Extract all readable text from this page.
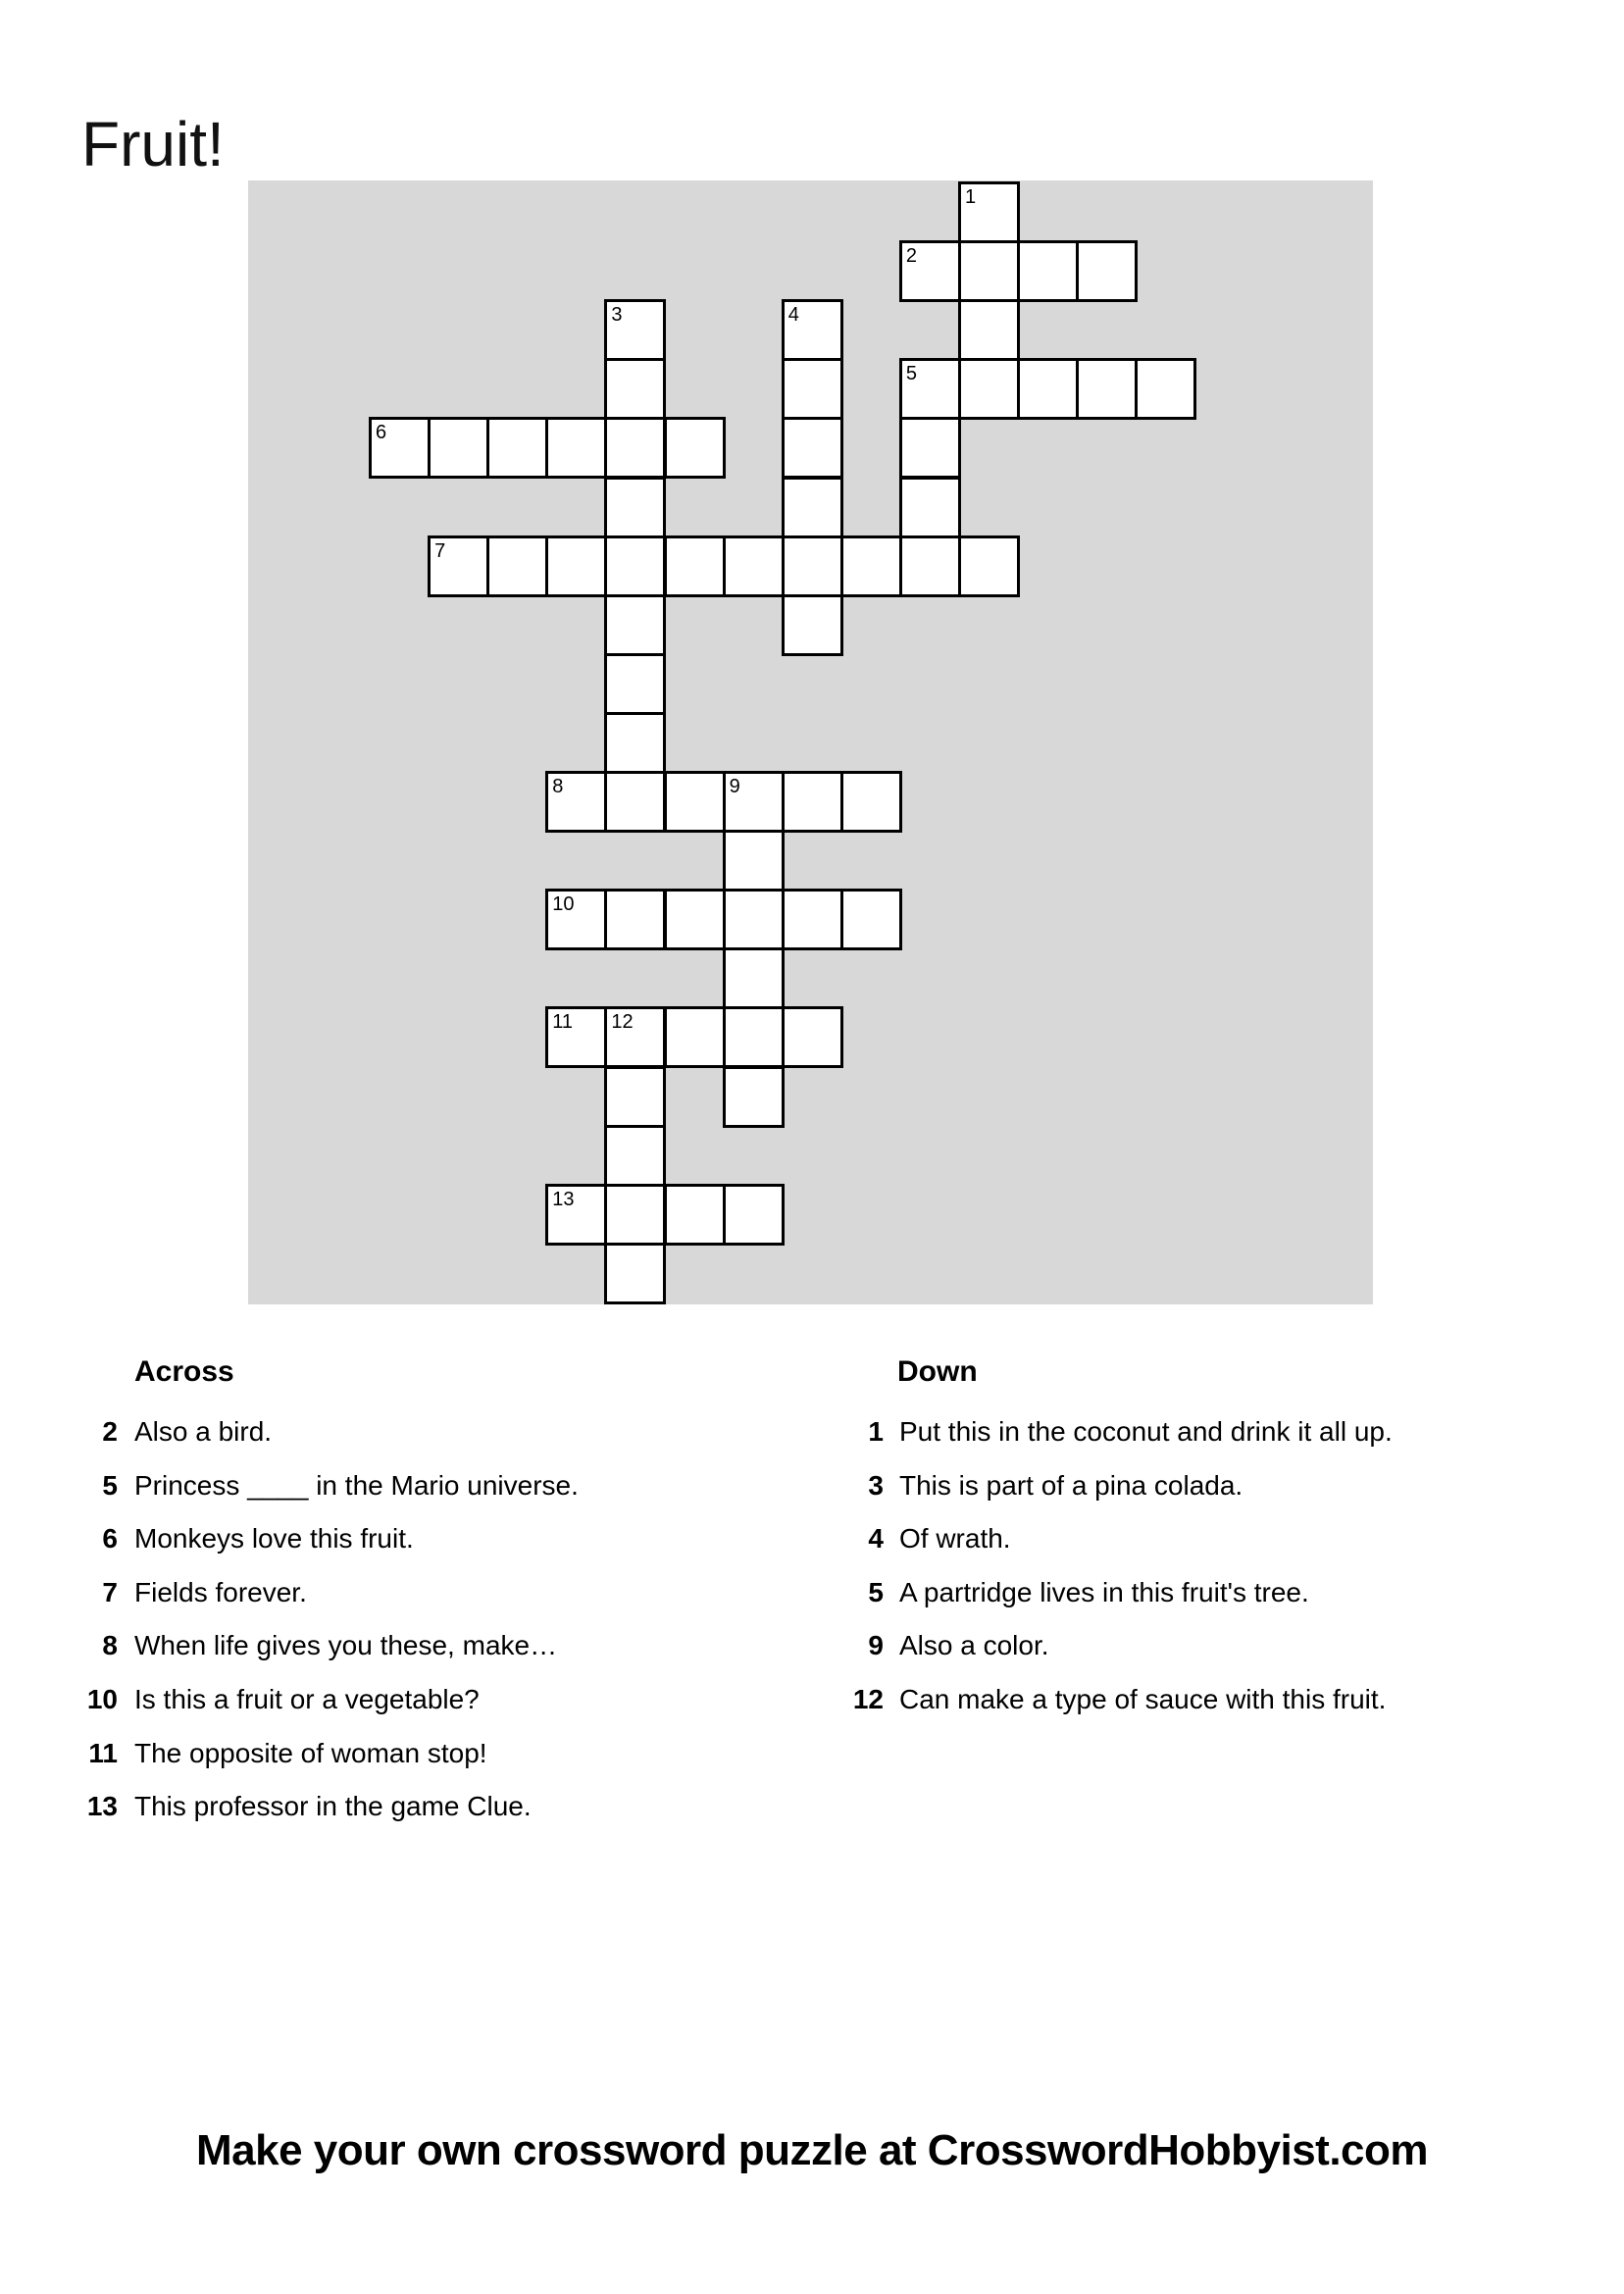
Fruit!
1
2
3	4
5
6
7
8	9
10
11 12
13
Across	Down
2 Also a bird.
5 Princess ____ in the Mario universe.
6 Monkeys love this fruit.
7 Fields forever.
8 When life gives you these, make…
10 Is this a fruit or a vegetable?
11 The opposite of woman stop!
13 This professor in the game Clue.
1 Put this in the coconut and drink it all up.
3 This is part of a pina colada.
4 Of wrath.
5 A partridge lives in this fruit's tree.
9 Also a color.
12 Can make a type of sauce with this fruit.
Make your own crossword puzzle at CrosswordHobbyist.com
